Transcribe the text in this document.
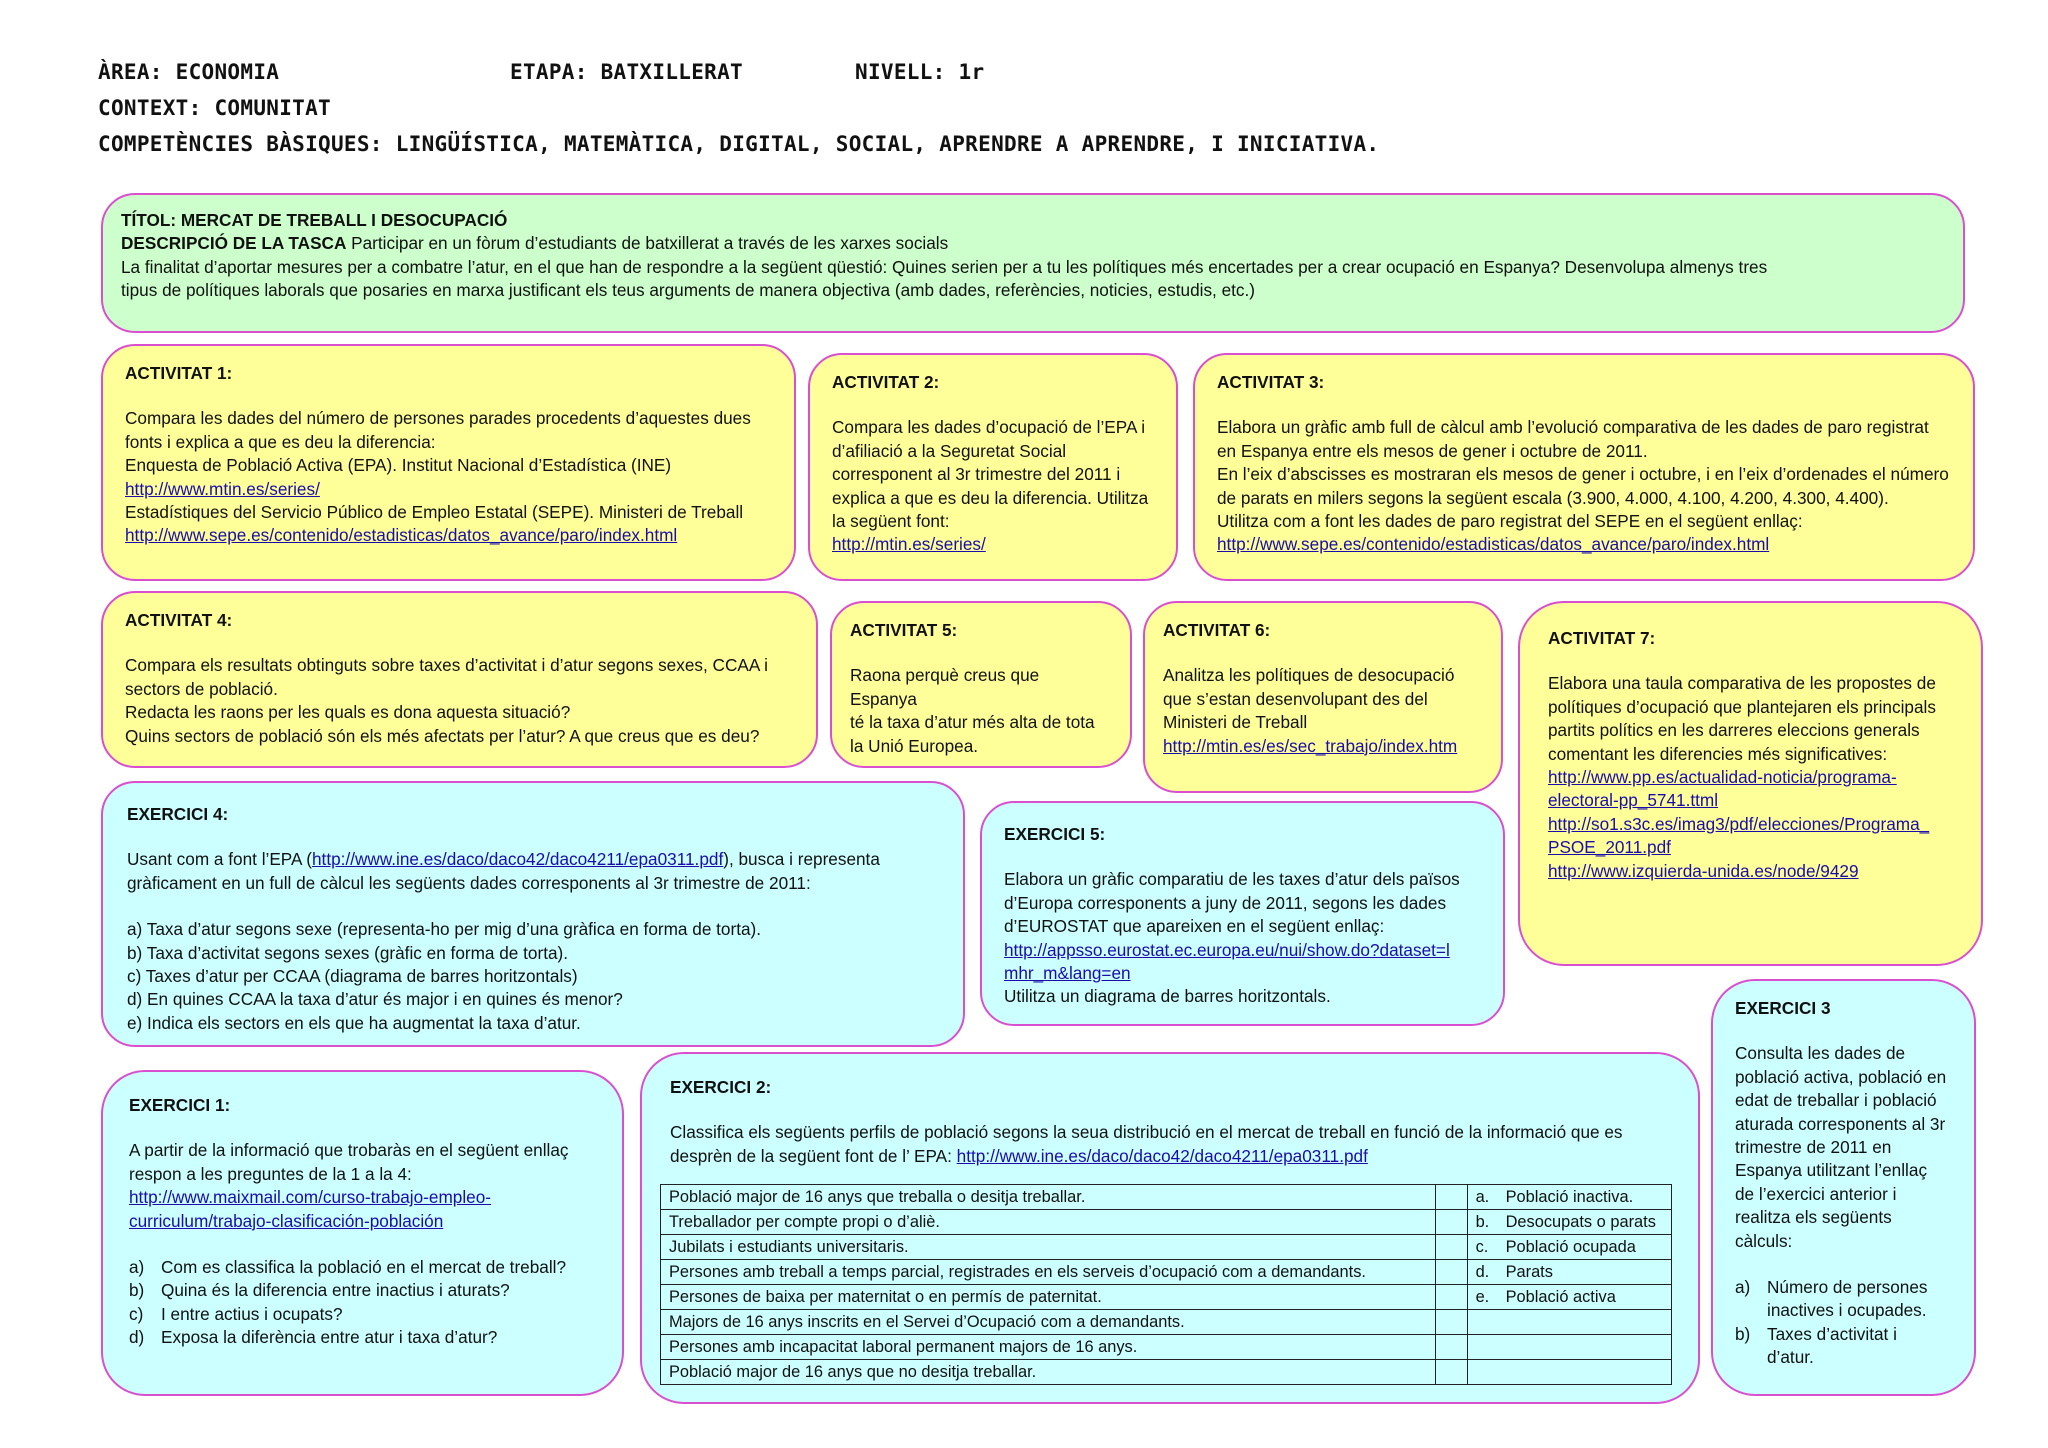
ÀREA: ECONOMIA	ETAPA: BATXILLERAT	NIVELL: 1r
CONTEXT: COMUNITAT
COMPETÈNCIES BÀSIQUES: LINGÜÍSTICA, MATEMÀTICA, DIGITAL, SOCIAL, APRENDRE A APRENDRE, I INICIATIVA.
TÍTOL: MERCAT DE TREBALL I DESOCUPACIÓ
DESCRIPCIÓ DE LA TASCA Participar en un fòrum d’estudiants de batxillerat a través de les xarxes socials
La finalitat d’aportar mesures per a combatre l’atur, en el que han de respondre a la següent qüestió: Quines serien per a tu les polítiques més encertades per a crear ocupació en Espanya? Desenvolupa almenys tres
tipus de polítiques laborals que posaries en marxa justificant els teus arguments de manera objectiva (amb dades, referències, noticies, estudis, etc.)
ACTIVITAT 1:
Compara les dades del número de persones parades procedents d’aquestes dues
fonts i explica a que es deu la diferencia:
Enquesta de Població Activa (EPA). Institut Nacional d’Estadística (INE)
http://www.mtin.es/series/
Estadístiques del Servicio Público de Empleo Estatal (SEPE). Ministeri de Treball
http://www.sepe.es/contenido/estadisticas/datos_avance/paro/index.html
ACTIVITAT 2:
Compara les dades d’ocupació de l’EPA i
d’afiliació a la Seguretat Social
corresponent al 3r trimestre del 2011 i
explica a que es deu la diferencia. Utilitza
la següent font:
http://mtin.es/series/
ACTIVITAT 3:
Elabora un gràfic amb full de càlcul amb l’evolució comparativa de les dades de paro registrat
en Espanya entre els mesos de gener i octubre de 2011.
En l’eix d’abscisses es mostraran els mesos de gener i octubre, i en l’eix d’ordenades el número
de parats en milers segons la següent escala (3.900, 4.000, 4.100, 4.200, 4.300, 4.400).
Utilitza com a font les dades de paro registrat del SEPE en el següent enllaç:
http://www.sepe.es/contenido/estadisticas/datos_avance/paro/index.html
ACTIVITAT 4:
Compara els resultats obtinguts sobre taxes d’activitat i d’atur segons sexes, CCAA i
sectors de població.
Redacta les raons per les quals es dona aquesta situació?
Quins sectors de població són els més afectats per l’atur? A que creus que es deu?
ACTIVITAT 5:
Raona perquè creus que Espanya
té la taxa d’atur més alta de tota
la Unió Europea.
ACTIVITAT 6:
Analitza les polítiques de desocupació
que s’estan desenvolupant des del
Ministeri de Treball
http://mtin.es/es/sec_trabajo/index.htm
ACTIVITAT 7:
Elabora una taula comparativa de les propostes de
polítiques d’ocupació que plantejaren els principals
partits polítics en les darreres eleccions generals
comentant les diferencies més significatives:
http://www.pp.es/actualidad-noticia/programa-
electoral-pp_5741.ttml
http://so1.s3c.es/imag3/pdf/elecciones/Programa_
PSOE_2011.pdf
http://www.izquierda-unida.es/node/9429
EXERCICI 4:
Usant com a font l’EPA (http://www.ine.es/daco/daco42/daco4211/epa0311.pdf), busca i representa
gràficament en un full de càlcul les següents dades corresponents al 3r trimestre de 2011:
a) Taxa d’atur segons sexe (representa-ho per mig d’una gràfica en forma de torta).
b) Taxa d’activitat segons sexes (gràfic en forma de torta).
c) Taxes d’atur per CCAA (diagrama de barres horitzontals)
d) En quines CCAA la taxa d’atur és major i en quines és menor?
e) Indica els sectors en els que ha augmentat la taxa d’atur.
EXERCICI 5:
Elabora un gràfic comparatiu de les taxes d’atur dels països
d’Europa corresponents a juny de 2011, segons les dades
d’EUROSTAT que apareixen en el següent enllaç:
http://appsso.eurostat.ec.europa.eu/nui/show.do?dataset=l
mhr_m&lang=en
Utilitza un diagrama de barres horitzontals.
EXERCICI 3
Consulta les dades de
població activa, població en
edat de treballar i població
aturada corresponents al 3r
trimestre de 2011 en
Espanya utilitzant l’enllaç
de l’exercici anterior i
realitza els següents
càlculs:
a) Número de persones
inactives i ocupades.
b) Taxes d’activitat i
d’atur.
EXERCICI 1:
A partir de la informació que trobaràs en el següent enllaç
respon a les preguntes de la 1 a la 4:
http://www.maixmail.com/curso-trabajo-empleo-
curriculum/trabajo-clasificación-población
a) Com es classifica la població en el mercat de treball?
b) Quina és la diferencia entre inactius i aturats?
c)	I entre actius i ocupats?
d) Exposa la diferència entre atur i taxa d’atur?
EXERCICI 2:
Classifica els següents perfils de població segons la seua distribució en el mercat de treball en funció de la informació que es
desprèn de la següent font de l’ EPA: http://www.ine.es/daco/daco42/daco4211/epa0311.pdf
Població major de 16 anys que treballa o desitja treballar.		a. Població inactiva.
Treballador per compte propi o d’aliè.		b. Desocupats o parats
Jubilats i estudiants universitaris.		c. Població ocupada
Persones amb treball a temps parcial, registrades en els serveis d’ocupació com a demandants.		d. Parats
Persones de baixa per maternitat o en permís de paternitat.		e. Població activa
Majors de 16 anys inscrits en el Servei d’Ocupació com a demandants.		
Persones amb incapacitat laboral permanent majors de 16 anys.		
Població major de 16 anys que no desitja treballar.		
